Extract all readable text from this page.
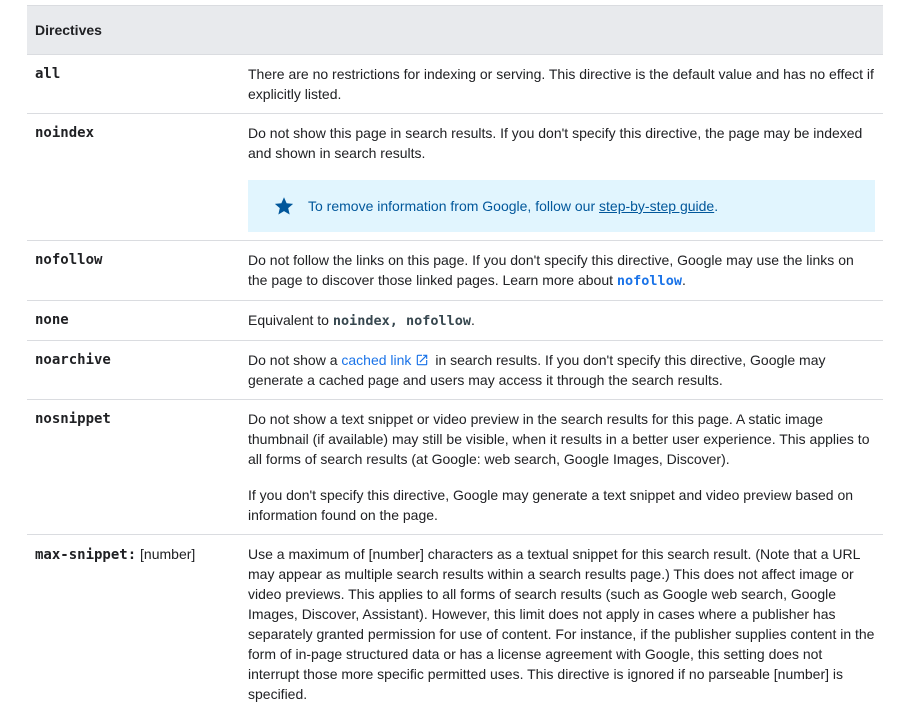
Directives	
all	There are no restrictions for indexing or serving. This directive is the default value and has no effect if explicitly listed.

noindex	Do not show this page in search results. If you don't specify this directive, the page may be indexed and shown in search results.

To remove information from Google, follow our step-by-step guide.

nofollow	Do not follow the links on this page. If you don't specify this directive, Google may use the links on the page to discover those linked pages. Learn more about nofollow.

none	Equivalent to noindex, nofollow.

noarchive	Do not show a cached link in search results. If you don't specify this directive, Google may generate a cached page and users may access it through the search results.

nosnippet	Do not show a text snippet or video preview in the search results for this page. A static image thumbnail (if available) may still be visible, when it results in a better user experience. This applies to all forms of search results (at Google: web search, Google Images, Discover).

If you don't specify this directive, Google may generate a text snippet and video preview based on information found on the page.

max-snippet: [number]	Use a maximum of [number] characters as a textual snippet for this search result. (Note that a URL may appear as multiple search results within a search results page.) This does not affect image or video previews. This applies to all forms of search results (such as Google web search, Google Images, Discover, Assistant). However, this limit does not apply in cases where a publisher has separately granted permission for use of content. For instance, if the publisher supplies content in the form of in-page structured data or has a license agreement with Google, this setting does not interrupt those more specific permitted uses. This directive is ignored if no parseable [number] is specified.
